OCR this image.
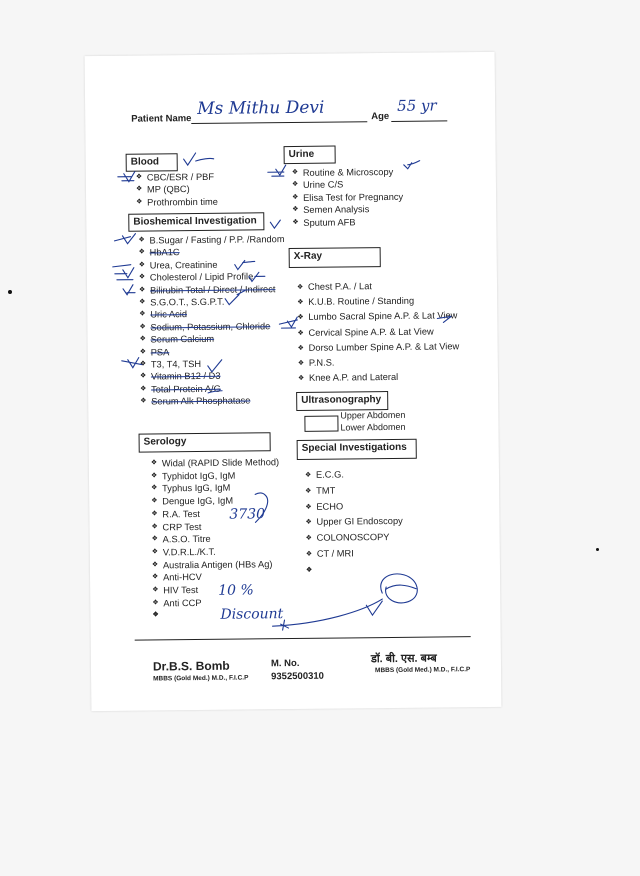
Patient Name Ms Mithu Devi	Age
55 yr
Blood
❖ CBC/ESR / PBF
❖ MP (QBC)
❖ Prothrombin time
Bioshemical Investigation
❖ B.Sugar / Fasting / P.P. /Random
❖ HbA1C
❖ Urea, Creatinine
❖ Cholesterol / Lipid Profile
❖ Bilirubin Total / Direct / Indirect
❖ S.G.O.T., S.G.P.T.
❖ Uric Acid
❖ Sodium, Potassium, Chloride
❖ Serum Calcium
❖ PSA
❖ T3, T4, TSH
❖ Vitamin B12 / D3
❖ Total Protein A/G
❖ Serum Alk Phosphatase
Serology
❖ Widal (RAPID Slide Method)
❖ Typhidot IgG, IgM
❖ Typhus IgG, IgM
❖ Dengue IgG, IgM
❖ R.A. Test
❖ CRP Test
❖ A.S.O. Titre
❖ V.D.R.L./K.T.
❖ Australia Antigen (HBs Ag)
❖ Anti-HCV
❖ HIV Test
❖ Anti CCP
❖
❖
❖
Urine
❖ Routine & Microscopy
❖ Urine C/S
❖ Elisa Test for Pregnancy
❖ Semen Analysis
❖ Sputum AFB
X-Ray
❖ Chest P.A. / Lat
❖ K.U.B. Routine / Standing
❖ Lumbo Sacral Spine A.P. & Lat View
❖ Cervical Spine A.P. & Lat View
❖ Dorso Lumber Spine A.P. & Lat View
❖ P.N.S.
❖ Knee A.P. and Lateral
Ultrasonography
Upper Abdomen
Lower Abdomen
Special Investigations
❖ E.C.G.
❖ TMT
❖ ECHO
❖ Upper GI Endoscopy
❖ COLONOSCOPY
❖ CT / MRI
❖
❖
3730
10 %
Discount
Dr.B.S. Bomb
MBBS (Gold Med.) M.D., F.I.C.P
M. No.
9352500310
डॉ. बी. एस. बम्ब
MBBS (Gold Med.) M.D., F.I.C.P
